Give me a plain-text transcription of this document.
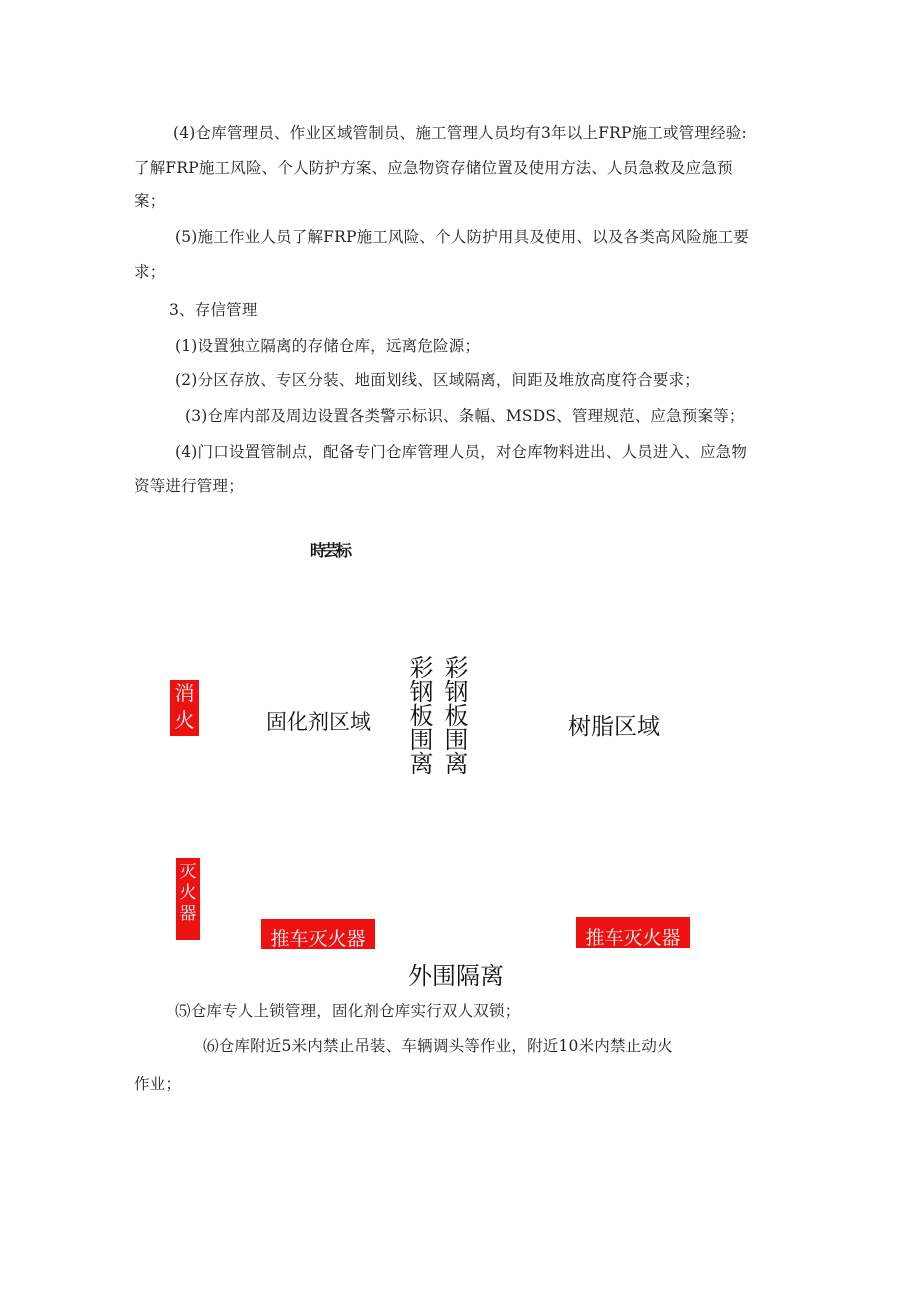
(4)仓库管理员、作业区域管制员、施工管理人员均有3年以上FRP施工或管理经验:
了解FRP施工风险、个人防护方案、应急物资存储位置及使用方法、人员急救及应急预
案；
(5)施工作业人员了解FRP施工风险、个人防护用具及使用、以及各类高风险施工要
求；
3、存信管理
(1)设置独立隔离的存储仓库，远离危险源；
(2)分区存放、专区分装、地面划线、区域隔离，间距及堆放高度符合要求；
(3)仓库内部及周边设置各类警示标识、条幅、MSDS、管理规范、应急预案等；
(4)门口设置管制点，配备专门仓库管理人员，对仓库物料进出、人员进入、应急物
资等进行管理；
時芸标
消火	固化剂区域 彩钢板围离 彩钢板围离	树脂区域
灭火器
推车灭火器	推车灭火器
外围隔离
⑸仓库专人上锁管理，固化剂仓库实行双人双锁；
⑹仓库附近5米内禁止吊装、车辆调头等作业，附近10米内禁止动火
作业；
